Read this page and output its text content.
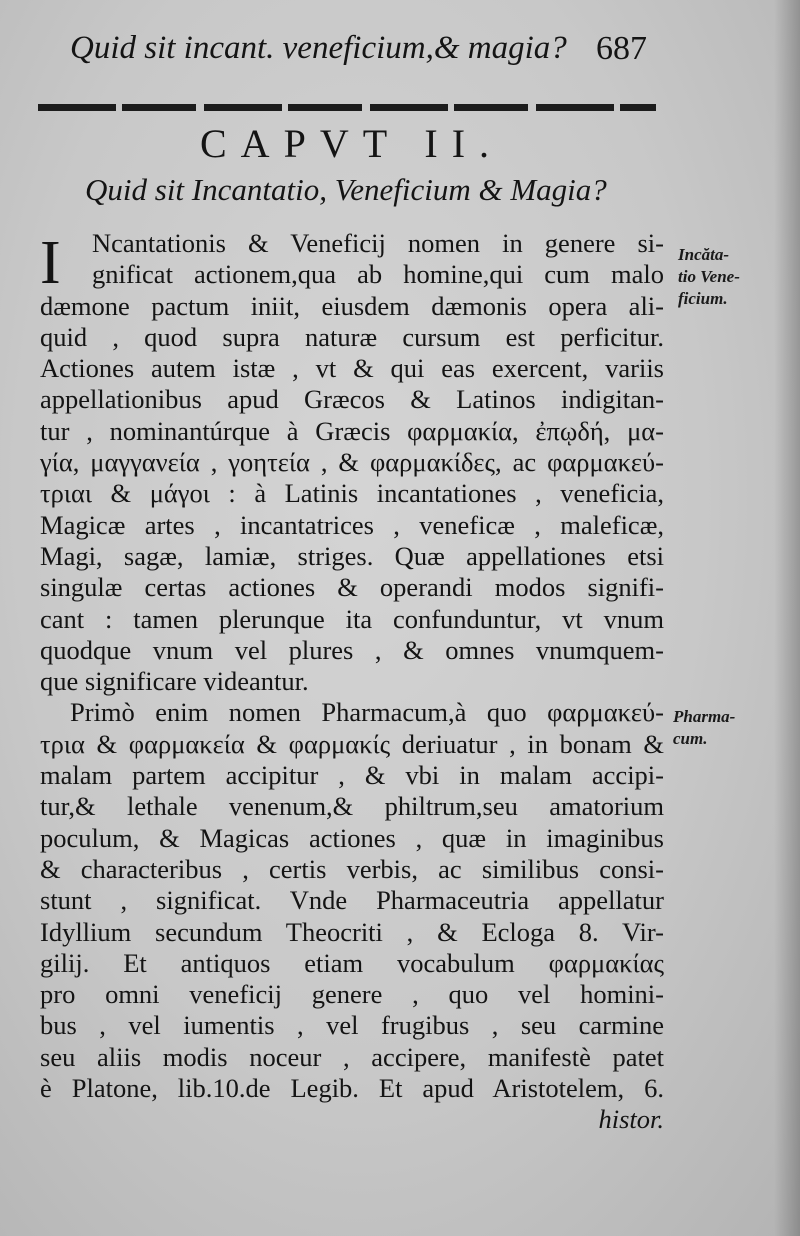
Quid sit incant. veneficium,& magia? 687
CAPVT II.
Quid sit Incantatio, Veneficium & Magia?
I	Ncantationis & Veneficij nomen in genere si-
gnificat actionem,qua ab homine,qui cum malo
dæmone pactum iniit, eiusdem dæmonis opera ali-
quid , quod supra naturæ cursum est perficitur.
Actiones autem istæ , vt & qui eas exercent, variis
appellationibus apud Græcos & Latinos indigitan-
tur , nominantúrque à Græcis φαρμακία, ἐπῳδή, μα-
γία, μαγγανεία , γοητεία , & φαρμακίδες, ac φαρμακεύ-
τριαι & μάγοι : à Latinis incantationes , veneficia,
Magicæ artes , incantatrices , veneficæ , maleficæ,
Magi, sagæ, lamiæ, striges. Quæ appellationes etsi
singulæ certas actiones & operandi modos signifi-
cant : tamen plerunque ita confunduntur, vt vnum
quodque vnum vel plures , & omnes vnumquem-
que significare videantur.
Primò enim nomen Pharmacum,à quo φαρμακεύ-
τρια & φαρμακεία & φαρμακίς deriuatur , in bonam &
malam partem accipitur , & vbi in malam accipi-
tur,& lethale venenum,& philtrum,seu amatorium
poculum, & Magicas actiones , quæ in imaginibus
& characteribus , certis verbis, ac similibus consi-
stunt , significat. Vnde Pharmaceutria appellatur
Idyllium secundum Theocriti , & Ecloga 8. Vir-
gilij. Et antiquos etiam vocabulum φαρμακίας
pro omni veneficij genere , quo vel homini-
bus , vel iumentis , vel frugibus , seu carmine
seu aliis modis noceur , accipere, manifestè patet
è Platone, lib.10.de Legib. Et apud Aristotelem, 6.
histor.
Incăta-
tio Vene-
ficium.
Pharma-
cum.
